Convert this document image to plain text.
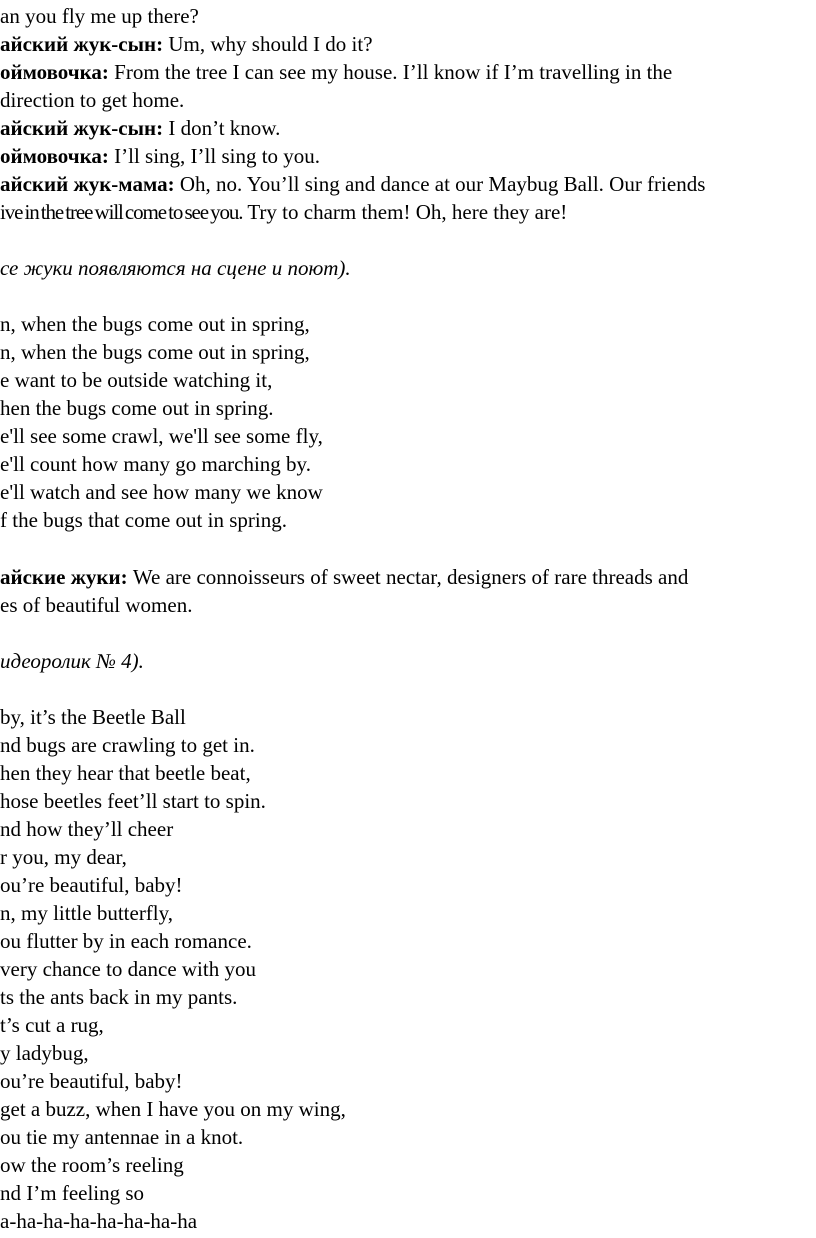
an you fly me up there?
айский жук-сын: Um, why should I do it?
оймовочка: From the tree I can see my house. I’ll know if I’m travelling in the
direction to get home.
айский жук-сын: I don’t know.
оймовочка: I’ll sing, I’ll sing to you.
айский жук-мама: Oh, no. You’ll sing and dance at our Maybug Ball. Our friends
ive in the tree will come to see you. Try to charm them! Oh, here they are!
се жуки появляются на сцене и поют).
n, when the bugs come out in spring,
n, when the bugs come out in spring,
e want to be outside watching it,
hen the bugs come out in spring.
e'll see some crawl, we'll see some fly,
e'll count how many go marching by.
e'll watch and see how many we know
f the bugs that come out in spring.
айские жуки: We are connoisseurs of sweet nectar, designers of rare threads and
es of beautiful women.
идеоролик № 4).
by, it’s the Beetle Ball
nd bugs are crawling to get in.
hen they hear that beetle beat,
hose beetles feet’ll start to spin.
nd how they’ll cheer
r you, my dear,
ou’re beautiful, baby!
n, my little butterfly,
ou flutter by in each romance.
very chance to dance with you
ts the ants back in my pants.
t’s cut a rug,
y ladybug,
ou’re beautiful, baby!
get a buzz, when I have you on my wing,
ou tie my antennae in a knot.
ow the room’s reeling
nd I’m feeling so
a-ha-ha-ha-ha-ha-ha-ha
